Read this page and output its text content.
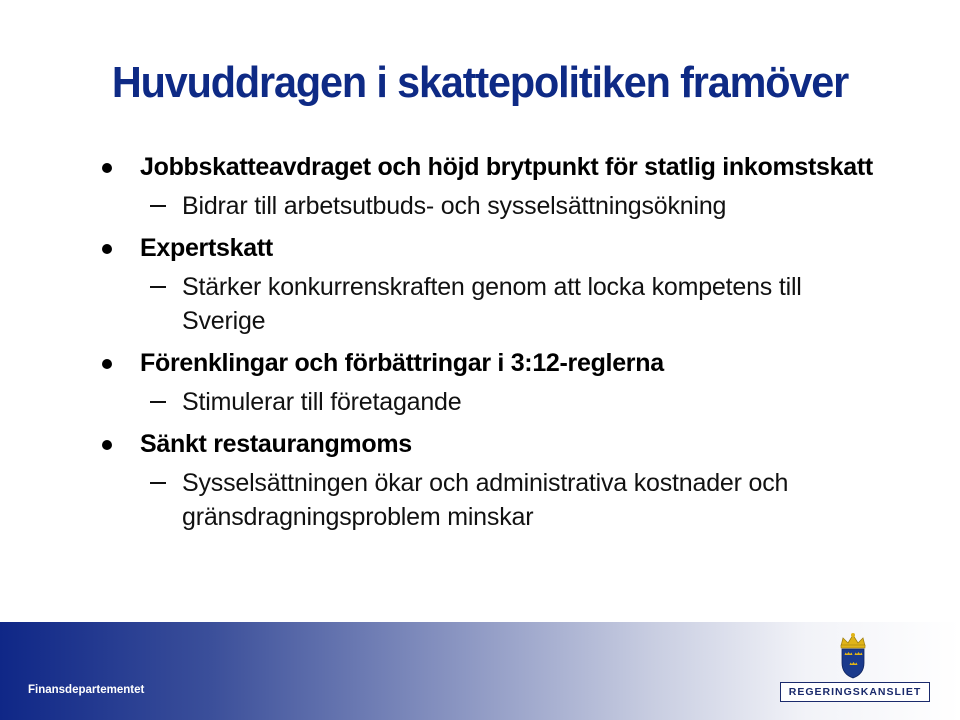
Huvuddragen i skattepolitiken framöver
Jobbskatteavdraget och höjd brytpunkt för statlig inkomstskatt
Bidrar till arbetsutbuds- och sysselsättningsökning
Expertskatt
Stärker konkurrenskraften genom att locka kompetens till Sverige
Förenklingar och förbättringar i 3:12-reglerna
Stimulerar till företagande
Sänkt restaurangmoms
Sysselsättningen ökar och administrativa kostnader och gränsdragningsproblem minskar
Finansdepartementet	REGERINGSKANSLIET
